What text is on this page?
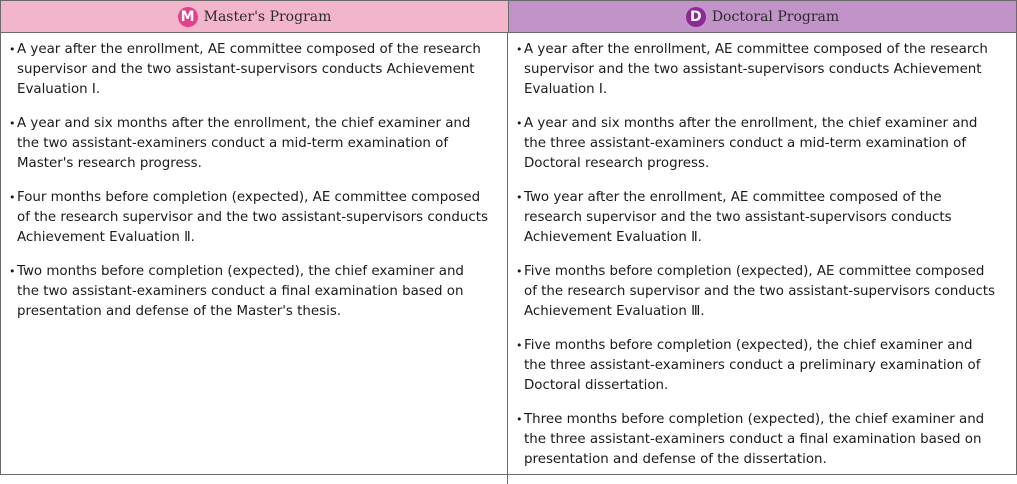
M Master's Program	D Doctoral Program
• A year after the enrollment, AE committee composed of the research
supervisor and the two assistant-supervisors conducts Achievement
Evaluation Ⅰ.
• A year and six months after the enrollment, the chief examiner and
the two assistant-examiners conduct a mid-term examination of
Master's research progress.
• Four months before completion (expected), AE committee composed
of the research supervisor and the two assistant-supervisors conducts
Achievement Evaluation Ⅱ.
• Two months before completion (expected), the chief examiner and
the two assistant-examiners conduct a final examination based on
presentation and defense of the Master's thesis.
• A year after the enrollment, AE committee composed of the research
supervisor and the two assistant-supervisors conducts Achievement
Evaluation Ⅰ.
• A year and six months after the enrollment, the chief examiner and
the three assistant-examiners conduct a mid-term examination of
Doctoral research progress.
• Two year after the enrollment, AE committee composed of the
research supervisor and the two assistant-supervisors conducts
Achievement Evaluation Ⅱ.
• Five months before completion (expected), AE committee composed
of the research supervisor and the two assistant-supervisors conducts
Achievement Evaluation Ⅲ.
• Five months before completion (expected), the chief examiner and
the three assistant-examiners conduct a preliminary examination of
Doctoral dissertation.
• Three months before completion (expected), the chief examiner and
the three assistant-examiners conduct a final examination based on
presentation and defense of the dissertation.
